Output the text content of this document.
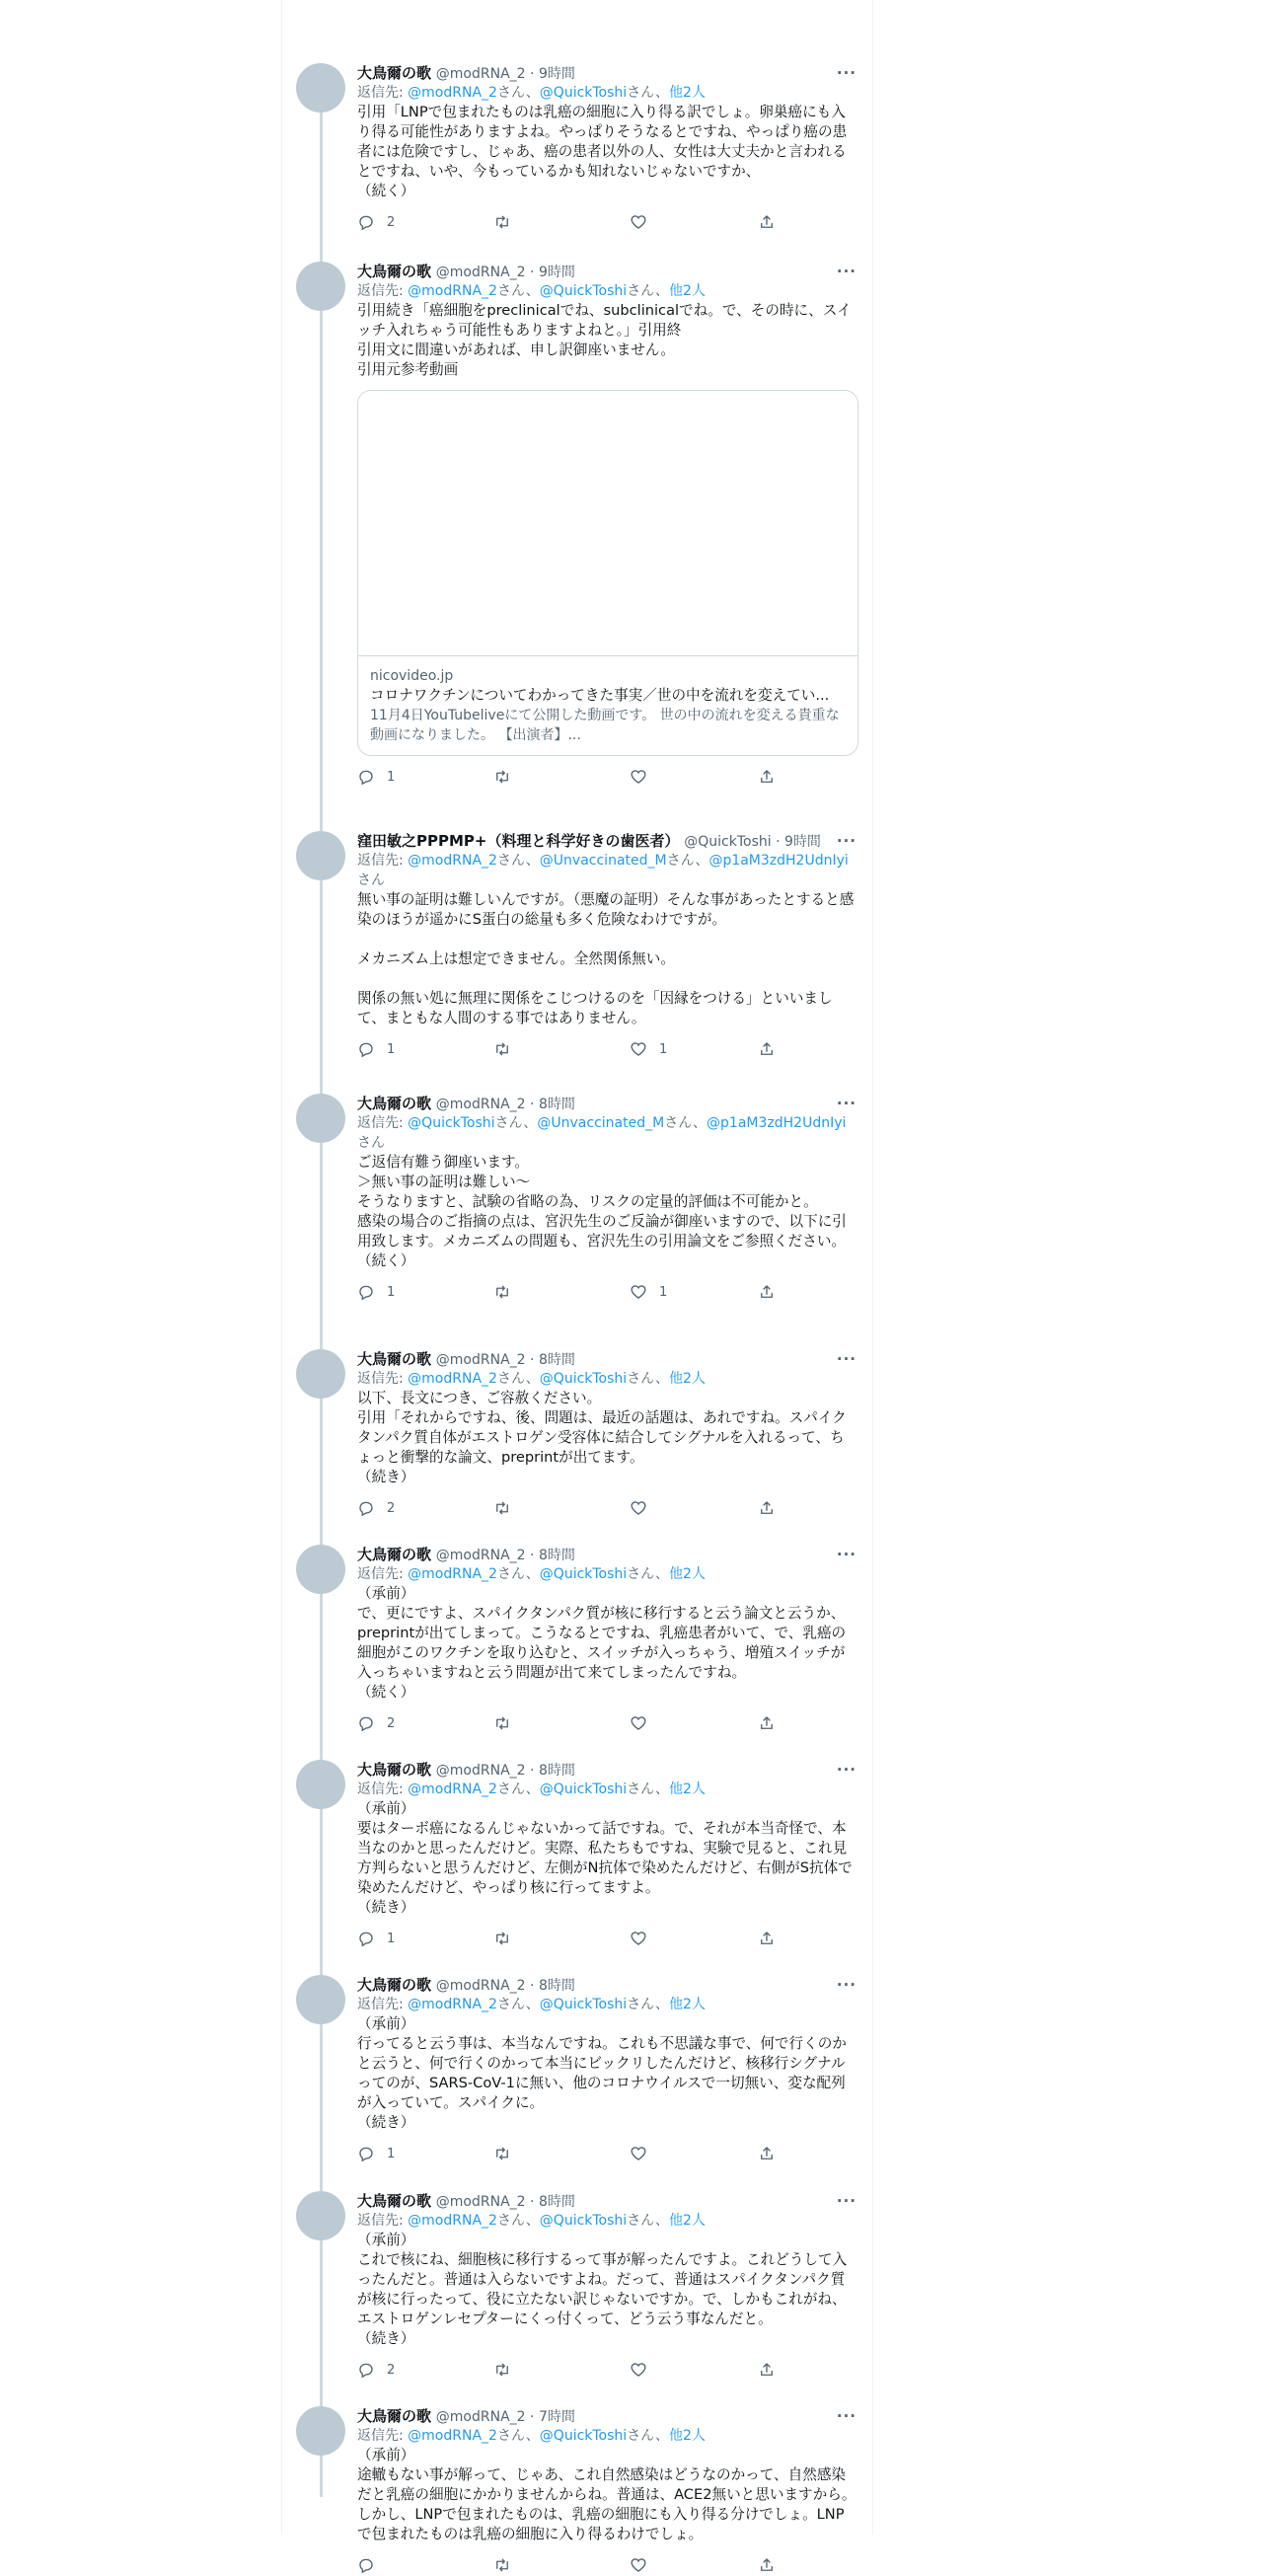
大鳥爾の歌 @modRNA_2 · 9時間	···
返信先: @modRNA_2さん、@QuickToshiさん、他2人
引用「LNPで包まれたものは乳癌の細胞に入り得る訳でしょ。卵巣癌にも入り得る可能性がありますよね。やっぱりそうなるとですね、やっぱり癌の患者には危険ですし、じゃあ、癌の患者以外の人、女性は大丈夫かと言われるとですね、いや、今もっているかも知れないじゃないですか、
（続く）
2
大鳥爾の歌 @modRNA_2 · 9時間	···
返信先: @modRNA_2さん、@QuickToshiさん、他2人
引用続き「癌細胞をpreclinicalでね、subclinicalでね。で、その時に、スイッチ入れちゃう可能性もありますよねと。」引用終
引用文に間違いがあれば、申し訳御座いません。
引用元参考動画
nicovideo.jp
コロナワクチンについてわかってきた事実／世の中を流れを変えてい...
11月4日YouTubeliveにて公開した動画です。 世の中の流れを変える貴重な動画になりました。 【出演者】...
1
窪田敏之PPPMP+（料理と科学好きの歯医者） @QuickToshi · 9時間 ···
返信先: @modRNA_2さん、@Unvaccinated_Mさん、@p1aM3zdH2UdnIyiさん
無い事の証明は難しいんですが。（悪魔の証明）そんな事があったとすると感染のほうが遥かにS蛋白の総量も多く危険なわけですが。

メカニズム上は想定できません。全然関係無い。

関係の無い処に無理に関係をこじつけるのを「因縁をつける」といいまして、まともな人間のする事ではありません。
1	1
大鳥爾の歌 @modRNA_2 · 8時間	···
返信先: @QuickToshiさん、@Unvaccinated_Mさん、@p1aM3zdH2UdnIyiさん
ご返信有難う御座います。
＞無い事の証明は難しい～
そうなりますと、試験の省略の為、リスクの定量的評価は不可能かと。
感染の場合のご指摘の点は、宮沢先生のご反論が御座いますので、以下に引用致します。メカニズムの問題も、宮沢先生の引用論文をご参照ください。
（続く）
1	1
大鳥爾の歌 @modRNA_2 · 8時間	···
返信先: @modRNA_2さん、@QuickToshiさん、他2人
以下、長文につき、ご容赦ください。
引用「それからですね、後、問題は、最近の話題は、あれですね。スパイクタンパク質自体がエストロゲン受容体に結合してシグナルを入れるって、ちょっと衝撃的な論文、preprintが出てます。
（続き）
2
大鳥爾の歌 @modRNA_2 · 8時間	···
返信先: @modRNA_2さん、@QuickToshiさん、他2人
（承前）
で、更にですよ、スパイクタンパク質が核に移行すると云う論文と云うか、preprintが出てしまって。こうなるとですね、乳癌患者がいて、で、乳癌の細胞がこのワクチンを取り込むと、スイッチが入っちゃう、増殖スイッチが入っちゃいますねと云う問題が出て来てしまったんですね。
（続く）
2
大鳥爾の歌 @modRNA_2 · 8時間	···
返信先: @modRNA_2さん、@QuickToshiさん、他2人
（承前）
要はターボ癌になるんじゃないかって話ですね。で、それが本当奇怪で、本当なのかと思ったんだけど。実際、私たちもですね、実験で見ると、これ見方判らないと思うんだけど、左側がN抗体で染めたんだけど、右側がS抗体で染めたんだけど、やっぱり核に行ってますよ。
（続き）
1
大鳥爾の歌 @modRNA_2 · 8時間	···
返信先: @modRNA_2さん、@QuickToshiさん、他2人
（承前）
行ってると云う事は、本当なんですね。これも不思議な事で、何で行くのかと云うと、何で行くのかって本当にビックリしたんだけど、核移行シグナルってのが、SARS-CoV-1に無い、他のコロナウイルスで一切無い、変な配列が入っていて。スパイクに。
（続き）
1
大鳥爾の歌 @modRNA_2 · 8時間	···
返信先: @modRNA_2さん、@QuickToshiさん、他2人
（承前）
これで核にね、細胞核に移行するって事が解ったんですよ。これどうして入ったんだと。普通は入らないですよね。だって、普通はスパイクタンパク質が核に行ったって、役に立たない訳じゃないですか。で、しかもこれがね、エストロゲンレセプターにくっ付くって、どう云う事なんだと。
（続き）
2
大鳥爾の歌 @modRNA_2 · 7時間	···
返信先: @modRNA_2さん、@QuickToshiさん、他2人
（承前）
途轍もない事が解って、じゃあ、これ自然感染はどうなのかって、自然感染だと乳癌の細胞にかかりませんからね。普通は、ACE2無いと思いますから。しかし、LNPで包まれたものは、乳癌の細胞にも入り得る分けでしょ。LNPで包まれたものは乳癌の細胞に入り得るわけでしょ。
